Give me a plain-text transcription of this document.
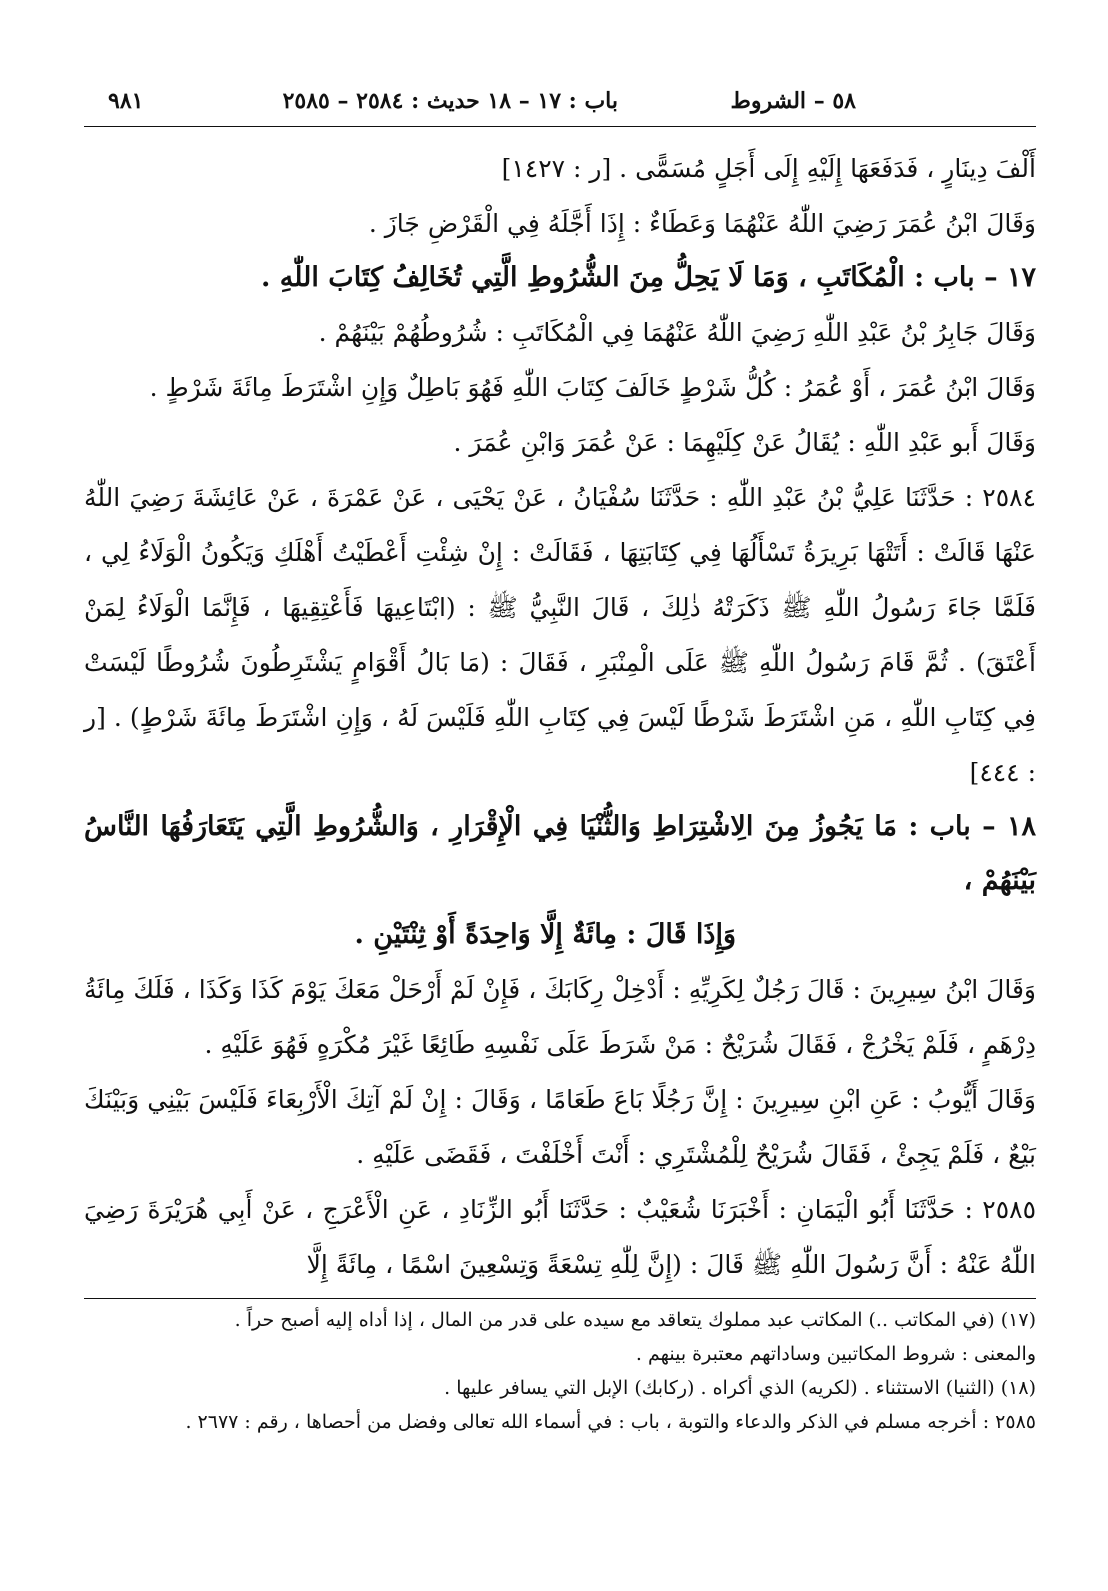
٥٨ – الشروط
باب : ١٧ – ١٨ حديث : ٢٥٨٤ – ٢٥٨٥
٩٨١

أَلْفَ دِينَارٍ ، فَدَفَعَهَا إِلَيْهِ إِلَى أَجَلٍ مُسَمًّى . [ر : ١٤٢٧]

وَقَالَ ابْنُ عُمَرَ رَضِيَ اللّٰهُ عَنْهُمَا وَعَطَاءٌ : إِذَا أَجَّلَهُ فِي الْقَرْضِ جَازَ .

١٧ – باب : الْمُكَاتَبِ ، وَمَا لَا يَحِلُّ مِنَ الشُّرُوطِ الَّتِي تُخَالِفُ كِتَابَ اللّٰهِ .

وَقَالَ جَابِرُ بْنُ عَبْدِ اللّٰهِ رَضِيَ اللّٰهُ عَنْهُمَا فِي الْمُكَاتَبِ : شُرُوطُهُمْ بَيْنَهُمْ .

وَقَالَ ابْنُ عُمَرَ ، أَوْ عُمَرُ : كُلُّ شَرْطٍ خَالَفَ كِتَابَ اللّٰهِ فَهُوَ بَاطِلٌ وَإِنِ اشْتَرَطَ مِائَةَ شَرْطٍ .

وَقَالَ أَبو عَبْدِ اللّٰهِ : يُقَالُ عَنْ كِلَيْهِمَا : عَنْ عُمَرَ وَابْنِ عُمَرَ .

٢٥٨٤ : حَدَّثَنَا عَلِيُّ بْنُ عَبْدِ اللّٰهِ : حَدَّثَنَا سُفْيَانُ ، عَنْ يَحْيَى ، عَنْ عَمْرَةَ ، عَنْ عَائِشَةَ رَضِيَ اللّٰهُ عَنْهَا قَالَتْ : أَتَتْهَا بَرِيرَةُ تَسْأَلُهَا فِي كِتَابَتِهَا ، فَقَالَتْ : إِنْ شِئْتِ أَعْطَيْتُ أَهْلَكِ وَيَكُونُ الْوَلَاءُ لِي ، فَلَمَّا جَاءَ رَسُولُ اللّٰهِ ﷺ ذَكَرَتْهُ ذٰلِكَ ، قَالَ النَّبِيُّ ﷺ : (ابْتَاعِيهَا فَأَعْتِقِيهَا ، فَإِنَّمَا الْوَلَاءُ لِمَنْ أَعْتَقَ) . ثُمَّ قَامَ رَسُولُ اللّٰهِ ﷺ عَلَى الْمِنْبَرِ ، فَقَالَ : (مَا بَالُ أَقْوَامٍ يَشْتَرِطُونَ شُرُوطًا لَيْسَتْ فِي كِتَابِ اللّٰهِ ، مَنِ اشْتَرَطَ شَرْطًا لَيْسَ فِي كِتَابِ اللّٰهِ فَلَيْسَ لَهُ ، وَإِنِ اشْتَرَطَ مِائَةَ شَرْطٍ) . [ر : ٤٤٤]

١٨ – باب : مَا يَجُوزُ مِنَ الِاشْتِرَاطِ وَالثُّنْيَا فِي الْإِقْرَارِ ، وَالشُّرُوطِ الَّتِي يَتَعَارَفُهَا النَّاسُ بَيْنَهُمْ ،
وَإِذَا قَالَ : مِائَةٌ إِلَّا وَاحِدَةً أَوْ ثِنْتَيْنِ .

وَقَالَ ابْنُ سِيرِينَ : قَالَ رَجُلٌ لِكَرِيِّهِ : أَدْخِلْ رِكَابَكَ ، فَإِنْ لَمْ أَرْحَلْ مَعَكَ يَوْمَ كَذَا وَكَذَا ، فَلَكَ مِائَةُ دِرْهَمٍ ، فَلَمْ يَخْرُجْ ، فَقَالَ شُرَيْحٌ : مَنْ شَرَطَ عَلَى نَفْسِهِ طَائِعًا غَيْرَ مُكْرَهٍ فَهُوَ عَلَيْهِ .

وَقَالَ أَيُّوبُ : عَنِ ابْنِ سِيرِينَ : إِنَّ رَجُلًا بَاعَ طَعَامًا ، وَقَالَ : إِنْ لَمْ آتِكَ الْأَرْبِعَاءَ فَلَيْسَ بَيْنِي وَبَيْنَكَ بَيْعٌ ، فَلَمْ يَجِئْ ، فَقَالَ شُرَيْحٌ لِلْمُشْتَرِي : أَنْتَ أَخْلَفْتَ ، فَقَضَى عَلَيْهِ .

٢٥٨٥ : حَدَّثَنَا أَبُو الْيَمَانِ : أَخْبَرَنَا شُعَيْبٌ : حَدَّثَنَا أَبُو الزِّنَادِ ، عَنِ الْأَعْرَجِ ، عَنْ أَبِي هُرَيْرَةَ رَضِيَ اللّٰهُ عَنْهُ : أَنَّ رَسُولَ اللّٰهِ ﷺ قَالَ : (إِنَّ لِلّٰهِ تِسْعَةً وَتِسْعِينَ اسْمًا ، مِائَةً إِلَّا

(١٧) (في المكاتب ..) المكاتب عبد مملوك يتعاقد مع سيده على قدر من المال ، إذا أداه إليه أصبح حراً .

والمعنى : شروط المكاتبين وساداتهم معتبرة بينهم .

(١٨) (الثنيا) الاستثناء . (لكريه) الذي أكراه . (ركابك) الإبل التي يسافر عليها .

٢٥٨٥ : أخرجه مسلم في الذكر والدعاء والتوبة ، باب : في أسماء الله تعالى وفضل من أحصاها ، رقم : ٢٦٧٧ .
